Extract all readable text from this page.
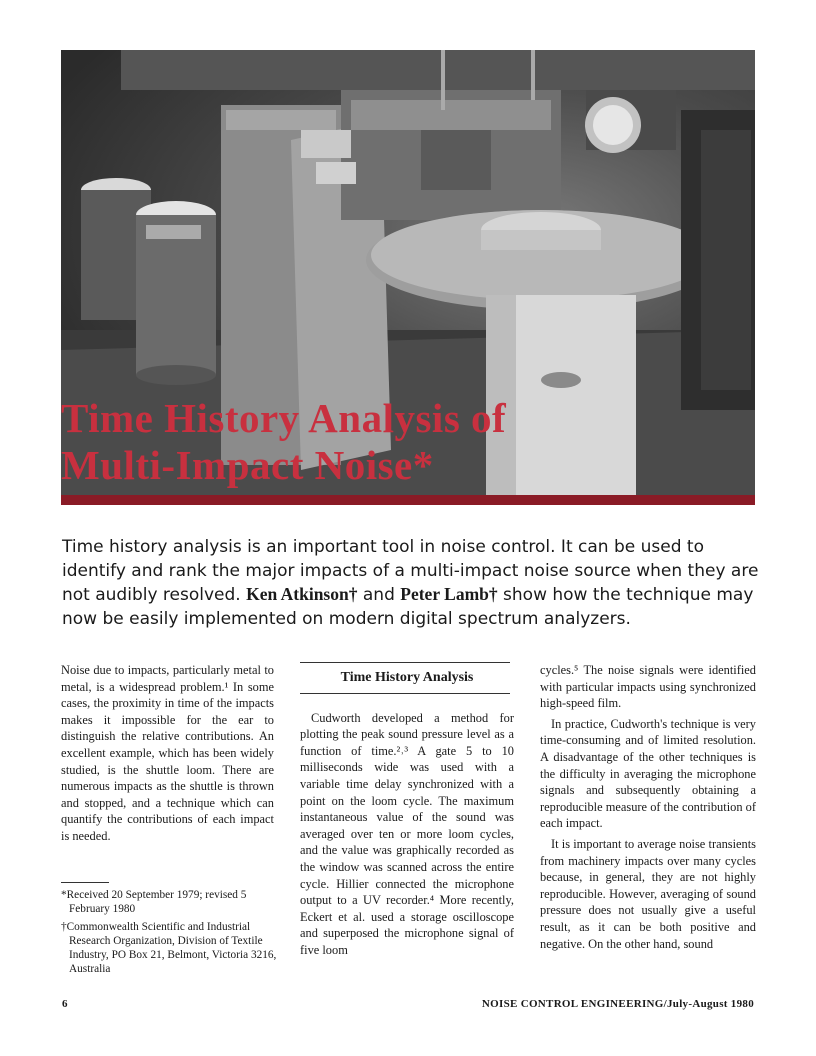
Time History Analysis of
Multi-Impact Noise*
Time history analysis is an important tool in noise control. It can be used to identify and rank the major impacts of a multi-impact noise source when they are not audibly resolved. Ken Atkinson† and Peter Lamb† show how the technique may now be easily implemented on modern digital spectrum analyzers.

Noise due to impacts, particularly metal to metal, is a widespread problem.¹ In some cases, the proximity in time of the impacts makes it impossible for the ear to distinguish the relative contributions. An excellent example, which has been widely studied, is the shuttle loom. There are numerous impacts as the shuttle is thrown and stopped, and a technique which can quantify the contributions of each impact is needed.

*Received 20 September 1979; revised 5 February 1980

†Commonwealth Scientific and Industrial Research Organization, Division of Textile Industry, PO Box 21, Belmont, Victoria 3216, Australia

Time History Analysis

Cudworth developed a method for plotting the peak sound pressure level as a function of time.²˒³ A gate 5 to 10 milliseconds wide was used with a variable time delay synchronized with a point on the loom cycle. The maximum instantaneous value of the sound was averaged over ten or more loom cycles, and the value was graphically recorded as the window was scanned across the entire cycle. Hillier connected the microphone output to a UV recorder.⁴ More recently, Eckert et al. used a storage oscilloscope and superposed the microphone signal of five loom

cycles.⁵ The noise signals were identified with particular impacts using synchronized high-speed film.

In practice, Cudworth's technique is very time-consuming and of limited resolution. A disadvantage of the other techniques is the difficulty in averaging the microphone signals and subsequently obtaining a reproducible measure of the contribution of each impact.

It is important to average noise transients from machinery impacts over many cycles because, in general, they are not highly reproducible. However, averaging of sound pressure does not usually give a useful result, as it can be both positive and negative. On the other hand, sound

6	NOISE CONTROL ENGINEERING/July-August 1980
